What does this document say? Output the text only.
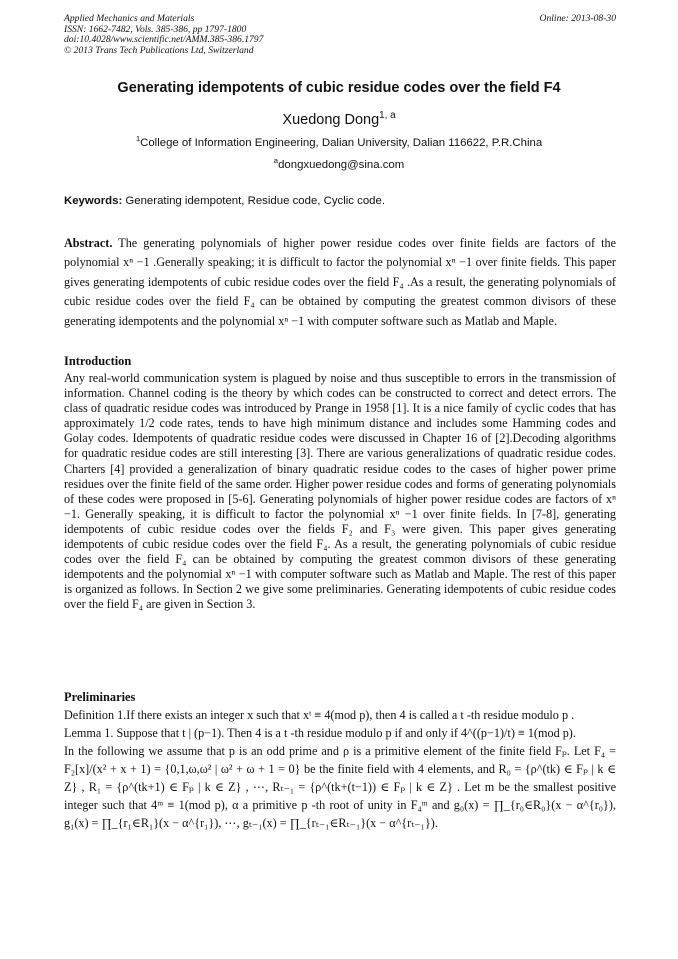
Applied Mechanics and Materials
ISSN: 1662-7482, Vols. 385-386, pp 1797-1800
doi:10.4028/www.scientific.net/AMM.385-386.1797
© 2013 Trans Tech Publications Ltd, Switzerland
Online: 2013-08-30
Generating idempotents of cubic residue codes over the field F4
Xuedong Dong$^{1, a}$
$^1$College of Information Engineering, Dalian University, Dalian 116622, P.R.China
$^a$dongxuedong@sina.com
Keywords: Generating idempotent, Residue code, Cyclic code.

Abstract. The generating polynomials of higher power residue codes over finite fields are factors of the polynomial xⁿ −1 .Generally speaking; it is difficult to factor the polynomial xⁿ −1 over finite fields. This paper gives generating idempotents of cubic residue codes over the field F₄ .As a result, the generating polynomials of cubic residue codes over the field F₄ can be obtained by computing the greatest common divisors of these generating idempotents and the polynomial xⁿ −1 with computer software such as Matlab and Maple.

Introduction

Any real-world communication system is plagued by noise and thus susceptible to errors in the transmission of information. Channel coding is the theory by which codes can be constructed to correct and detect errors. The class of quadratic residue codes was introduced by Prange in 1958 [1]. It is a nice family of cyclic codes that has approximately 1/2 code rates, tends to have high minimum distance and includes some Hamming codes and Golay codes. Idempotents of quadratic residue codes were discussed in Chapter 16 of [2].Decoding algorithms for quadratic residue codes are still interesting [3]. There are various generalizations of quadratic residue codes. Charters [4] provided a generalization of binary quadratic residue codes to the cases of higher power prime residues over the finite field of the same order. Higher power residue codes and forms of generating polynomials of these codes were proposed in [5-6]. Generating polynomials of higher power residue codes are factors of xⁿ −1. Generally speaking, it is difficult to factor the polynomial xⁿ −1 over finite fields. In [7-8], generating idempotents of cubic residue codes over the fields F₂ and F₃ were given. This paper gives generating idempotents of cubic residue codes over the field F₄. As a result, the generating polynomials of cubic residue codes over the field F₄ can be obtained by computing the greatest common divisors of these generating idempotents and the polynomial xⁿ −1 with computer software such as Matlab and Maple. The rest of this paper is organized as follows. In Section 2 we give some preliminaries. Generating idempotents of cubic residue codes over the field F₄ are given in Section 3.

Preliminaries
Definition 1.If there exists an integer x such that xᵗ ≡ 4(mod p), then 4 is called a t -th residue modulo p .
Lemma 1. Suppose that t | (p−1). Then 4 is a t -th residue modulo p if and only if 4^((p−1)/t) ≡ 1(mod p).
In the following we assume that p is an odd prime and ρ is a primitive element of the finite field Fₚ. Let F₄ = F₂[x]/(x² + x + 1) = {0,1,ω,ω² | ω² + ω + 1 = 0} be the finite field with 4 elements, and R₀ = {ρ^(tk) ∈ Fₚ | k ∈ Z} , R₁ = {ρ^(tk+1) ∈ Fₚ | k ∈ Z} , ⋯, Rₜ₋₁ = {ρ^(tk+(t−1)) ∈ Fₚ | k ∈ Z} . Let m be the smallest positive integer such that 4ᵐ ≡ 1(mod p), α a primitive p -th root of unity in F₄ᵐ and g₀(x) = ∏_{r₀∈R₀}(x − α^{r₀}), g₁(x) = ∏_{r₁∈R₁}(x − α^{r₁}), ⋯, gₜ₋₁(x) = ∏_{rₜ₋₁∈Rₜ₋₁}(x − α^{rₜ₋₁}).
